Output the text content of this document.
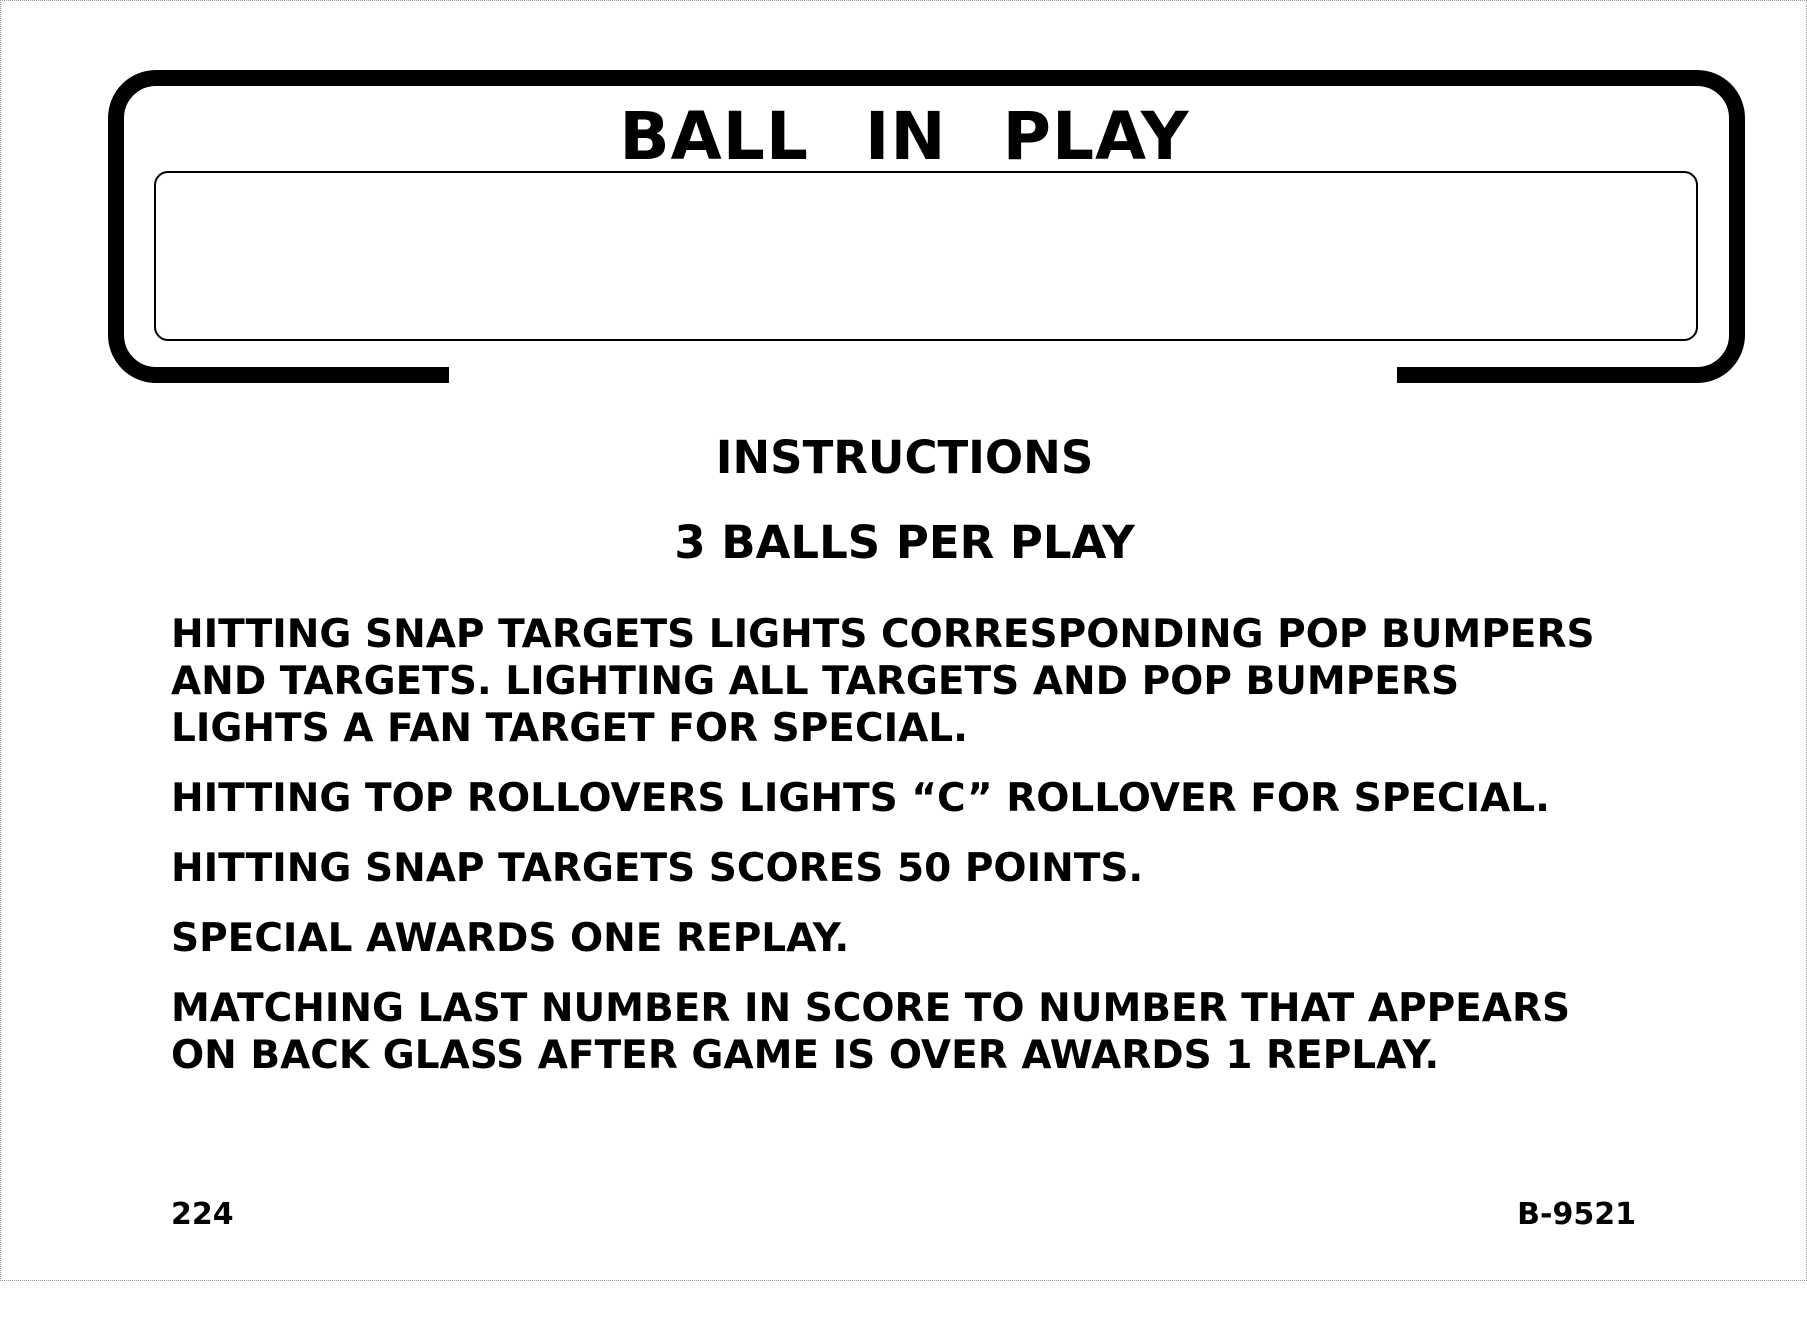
BALL IN PLAY
INSTRUCTIONS
3 BALLS PER PLAY

HITTING SNAP TARGETS LIGHTS CORRESPONDING POP BUMPERS
AND TARGETS. LIGHTING ALL TARGETS AND POP BUMPERS
LIGHTS A FAN TARGET FOR SPECIAL.

HITTING TOP ROLLOVERS LIGHTS “C” ROLLOVER FOR SPECIAL.

HITTING SNAP TARGETS SCORES 50 POINTS.

SPECIAL AWARDS ONE REPLAY.

MATCHING LAST NUMBER IN SCORE TO NUMBER THAT APPEARS
ON BACK GLASS AFTER GAME IS OVER AWARDS 1 REPLAY.

224	B-9521
